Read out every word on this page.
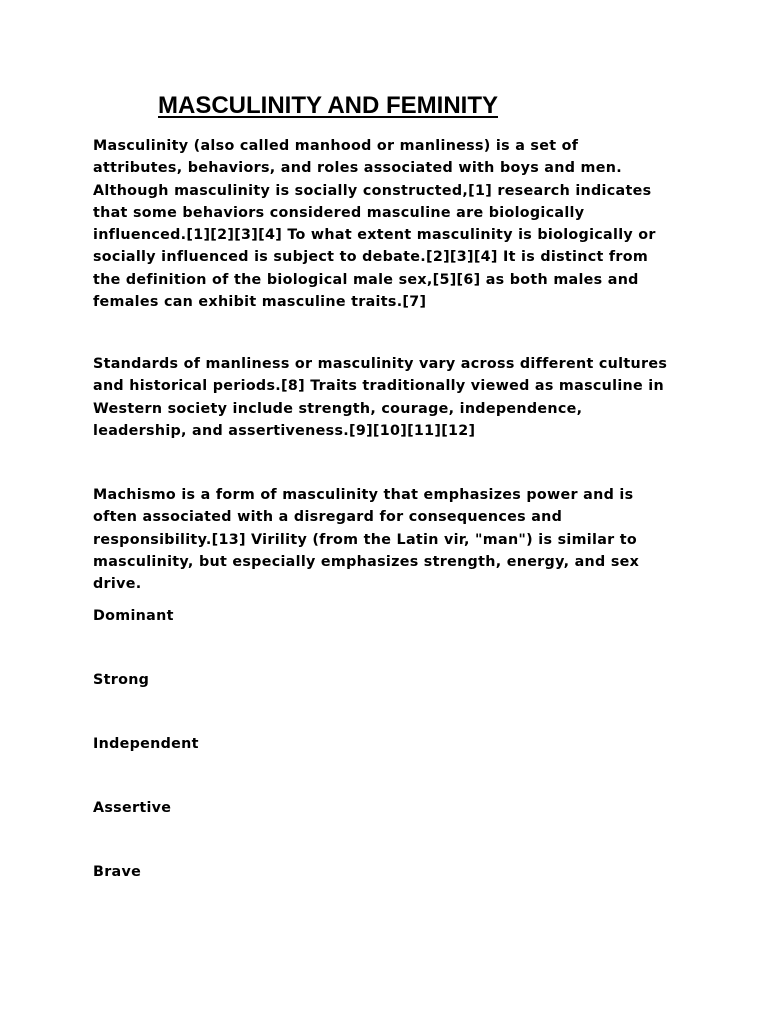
MASCULINITY AND FEMINITY
Masculinity (also called manhood or manliness) is a set of
attributes, behaviors, and roles associated with boys and men.
Although masculinity is socially constructed,[1] research indicates
that some behaviors considered masculine are biologically
influenced.[1][2][3][4] To what extent masculinity is biologically or
socially influenced is subject to debate.[2][3][4] It is distinct from
the definition of the biological male sex,[5][6] as both males and
females can exhibit masculine traits.[7]
Standards of manliness or masculinity vary across different cultures
and historical periods.[8] Traits traditionally viewed as masculine in
Western society include strength, courage, independence,
leadership, and assertiveness.[9][10][11][12]
Machismo is a form of masculinity that emphasizes power and is
often associated with a disregard for consequences and
responsibility.[13] Virility (from the Latin vir, "man") is similar to
masculinity, but especially emphasizes strength, energy, and sex
drive.

Dominant

Strong

Independent

Assertive

Brave
